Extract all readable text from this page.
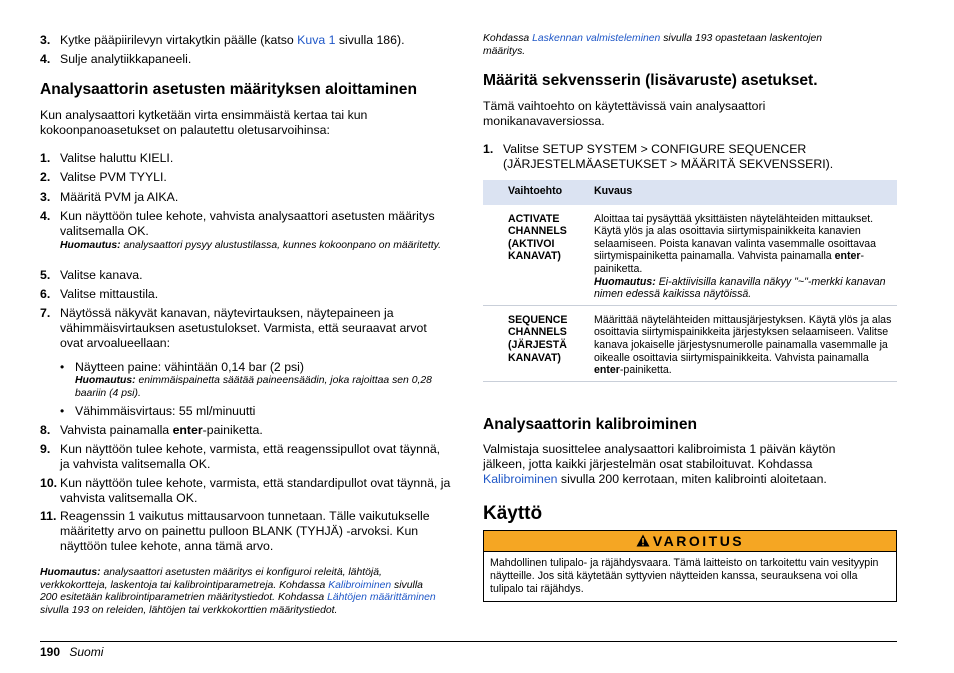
3. Kytke pääpiirilevyn virtakytkin päälle (katso Kuva 1 sivulla 186).
4. Sulje analytiikkapaneeli.
Analysaattorin asetusten määrityksen aloittaminen
Kun analysaattori kytketään virta ensimmäistä kertaa tai kun kokoonpanoasetukset on palautettu oletusarvoihinsa:
1. Valitse haluttu KIELI.
2. Valitse PVM TYYLI.
3. Määritä PVM ja AIKA.
4. Kun näyttöön tulee kehote, vahvista analysaattori asetusten määritys valitsemalla OK.
Huomautus: analysaattori pysyy alustustilassa, kunnes kokoonpano on määritetty.
5. Valitse kanava.
6. Valitse mittaustila.
7. Näytössä näkyvät kanavan, näytevirtauksen, näytepaineen ja vähimmäisvirtauksen asetustulokset. Varmista, että seuraavat arvot ovat arvoalueellaan:
• Näytteen paine: vähintään 0,14 bar (2 psi)
Huomautus: enimmäispainetta säätää paineensäädin, joka rajoittaa sen 0,28 baariin (4 psi).
• Vähimmäisvirtaus: 55 ml/minuutti
8. Vahvista painamalla enter-painiketta.
9. Kun näyttöön tulee kehote, varmista, että reagenssipullot ovat täynnä, ja vahvista valitsemalla OK.
10. Kun näyttöön tulee kehote, varmista, että standardipullot ovat täynnä, ja vahvista valitsemalla OK.
11. Reagenssin 1 vaikutus mittausarvoon tunnetaan. Tälle vaikutukselle määritetty arvo on painettu pulloon BLANK (TYHJÄ) -arvoksi. Kun näyttöön tulee kehote, anna tämä arvo.
Huomautus: analysaattori asetusten määritys ei konfiguroi releitä, lähtöjä, verkkokortteja, laskentoja tai kalibrointiparametreja. Kohdassa Kalibroiminen sivulla 200 esitetään kalibrointiparametrien määritystiedot. Kohdassa Lähtöjen määrittäminen sivulla 193 on releiden, lähtöjen tai verkkokorttien määritystiedot.
Kohdassa Laskennan valmisteleminen sivulla 193 opastetaan laskentojen määritys.
Määritä sekvensserin (lisävaruste) asetukset.
Tämä vaihtoehto on käytettävissä vain analysaattori monikanavaversiossa.
1. Valitse SETUP SYSTEM > CONFIGURE SEQUENCER (JÄRJESTELMÄASETUKSET > MÄÄRITÄ SEKVENSSERI).
Vaihtoehto	Kuvaus
ACTIVATE CHANNELS (AKTIVOI KANAVAT)	Aloittaa tai pysäyttää yksittäisten näytelähteiden mittaukset. Käytä ylös ja alas osoittavia siirtymispainikkeita kanavien selaamiseen. Poista kanavan valinta vasemmalle osoittavaa siirtymispainiketta painamalla. Vahvista painamalla enter-painiketta.
Huomautus: Ei-aktiivisilla kanavilla näkyy "~"-merkki kanavan nimen edessä kaikissa näytöissä.

SEQUENCE CHANNELS (JÄRJESTÄ KANAVAT)	Määrittää näytelähteiden mittausjärjestyksen. Käytä ylös ja alas osoittavia siirtymispainikkeita järjestyksen selaamiseen. Valitse kanava jokaiselle järjestysnumerolle painamalla vasemmalle ja oikealle osoittavia siirtymispainikkeita. Vahvista painamalla enter-painiketta.
Analysaattorin kalibroiminen
Valmistaja suosittelee analysaattori kalibroimista 1 päivän käytön jälkeen, jotta kaikki järjestelmän osat stabiloituvat. Kohdassa Kalibroiminen sivulla 200 kerrotaan, miten kalibrointi aloitetaan.
Käyttö
VAROITUS
Mahdollinen tulipalo- ja räjähdysvaara. Tämä laitteisto on tarkoitettu vain vesityypin näytteille. Jos sitä käytetään syttyvien näytteiden kanssa, seurauksena voi olla tulipalo tai räjähdys.
190 Suomi
